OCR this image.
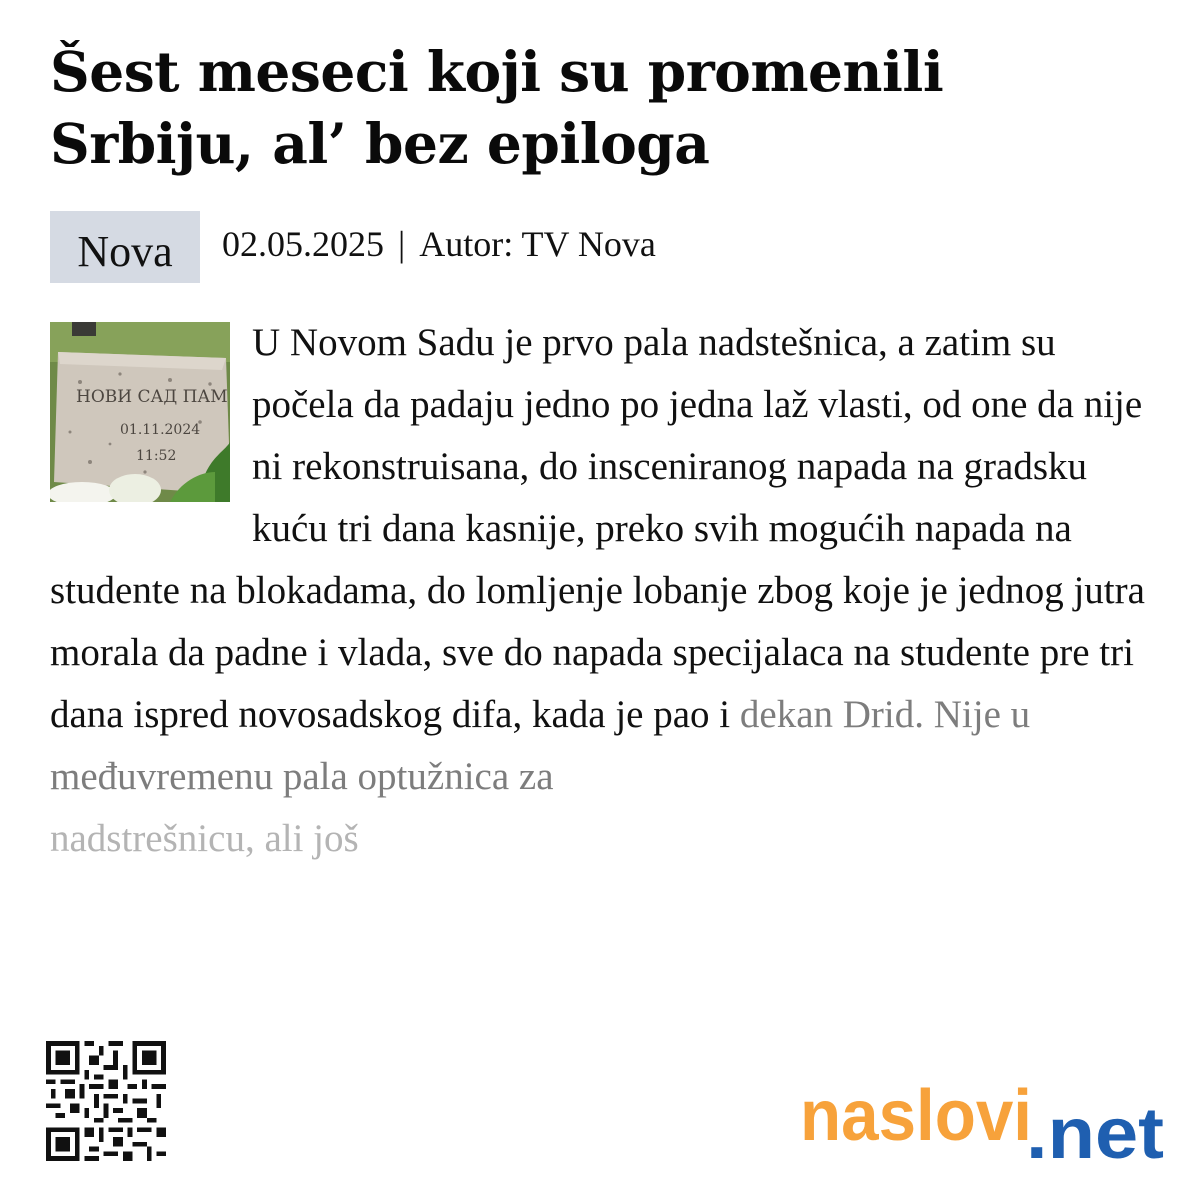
Šest meseci koji su promenili Srbiju, al’ bez epiloga
Nova	02.05.2025 | Autor: TV Nova
НОВИ САД ПАМ
01.11.2024
11:52
U Novom Sadu je prvo pala nadstešnica, a zatim su počela da padaju jedno po jedna laž vlasti, od one da nije ni rekonstruisana, do insceniranog napada na gradsku kuću tri dana kasnije, preko svih mogućih napada na studente na blokadama, do lomljenje lobanje zbog koje je jednog jutra morala da padne i vlada, sve do napada specijalaca na studente pre tri dana ispred novosadskog difa, kada je pao i dekan Drid. Nije u međuvremenu pala optužnica za
nadstrešnicu, ali još
naslovi
.net
